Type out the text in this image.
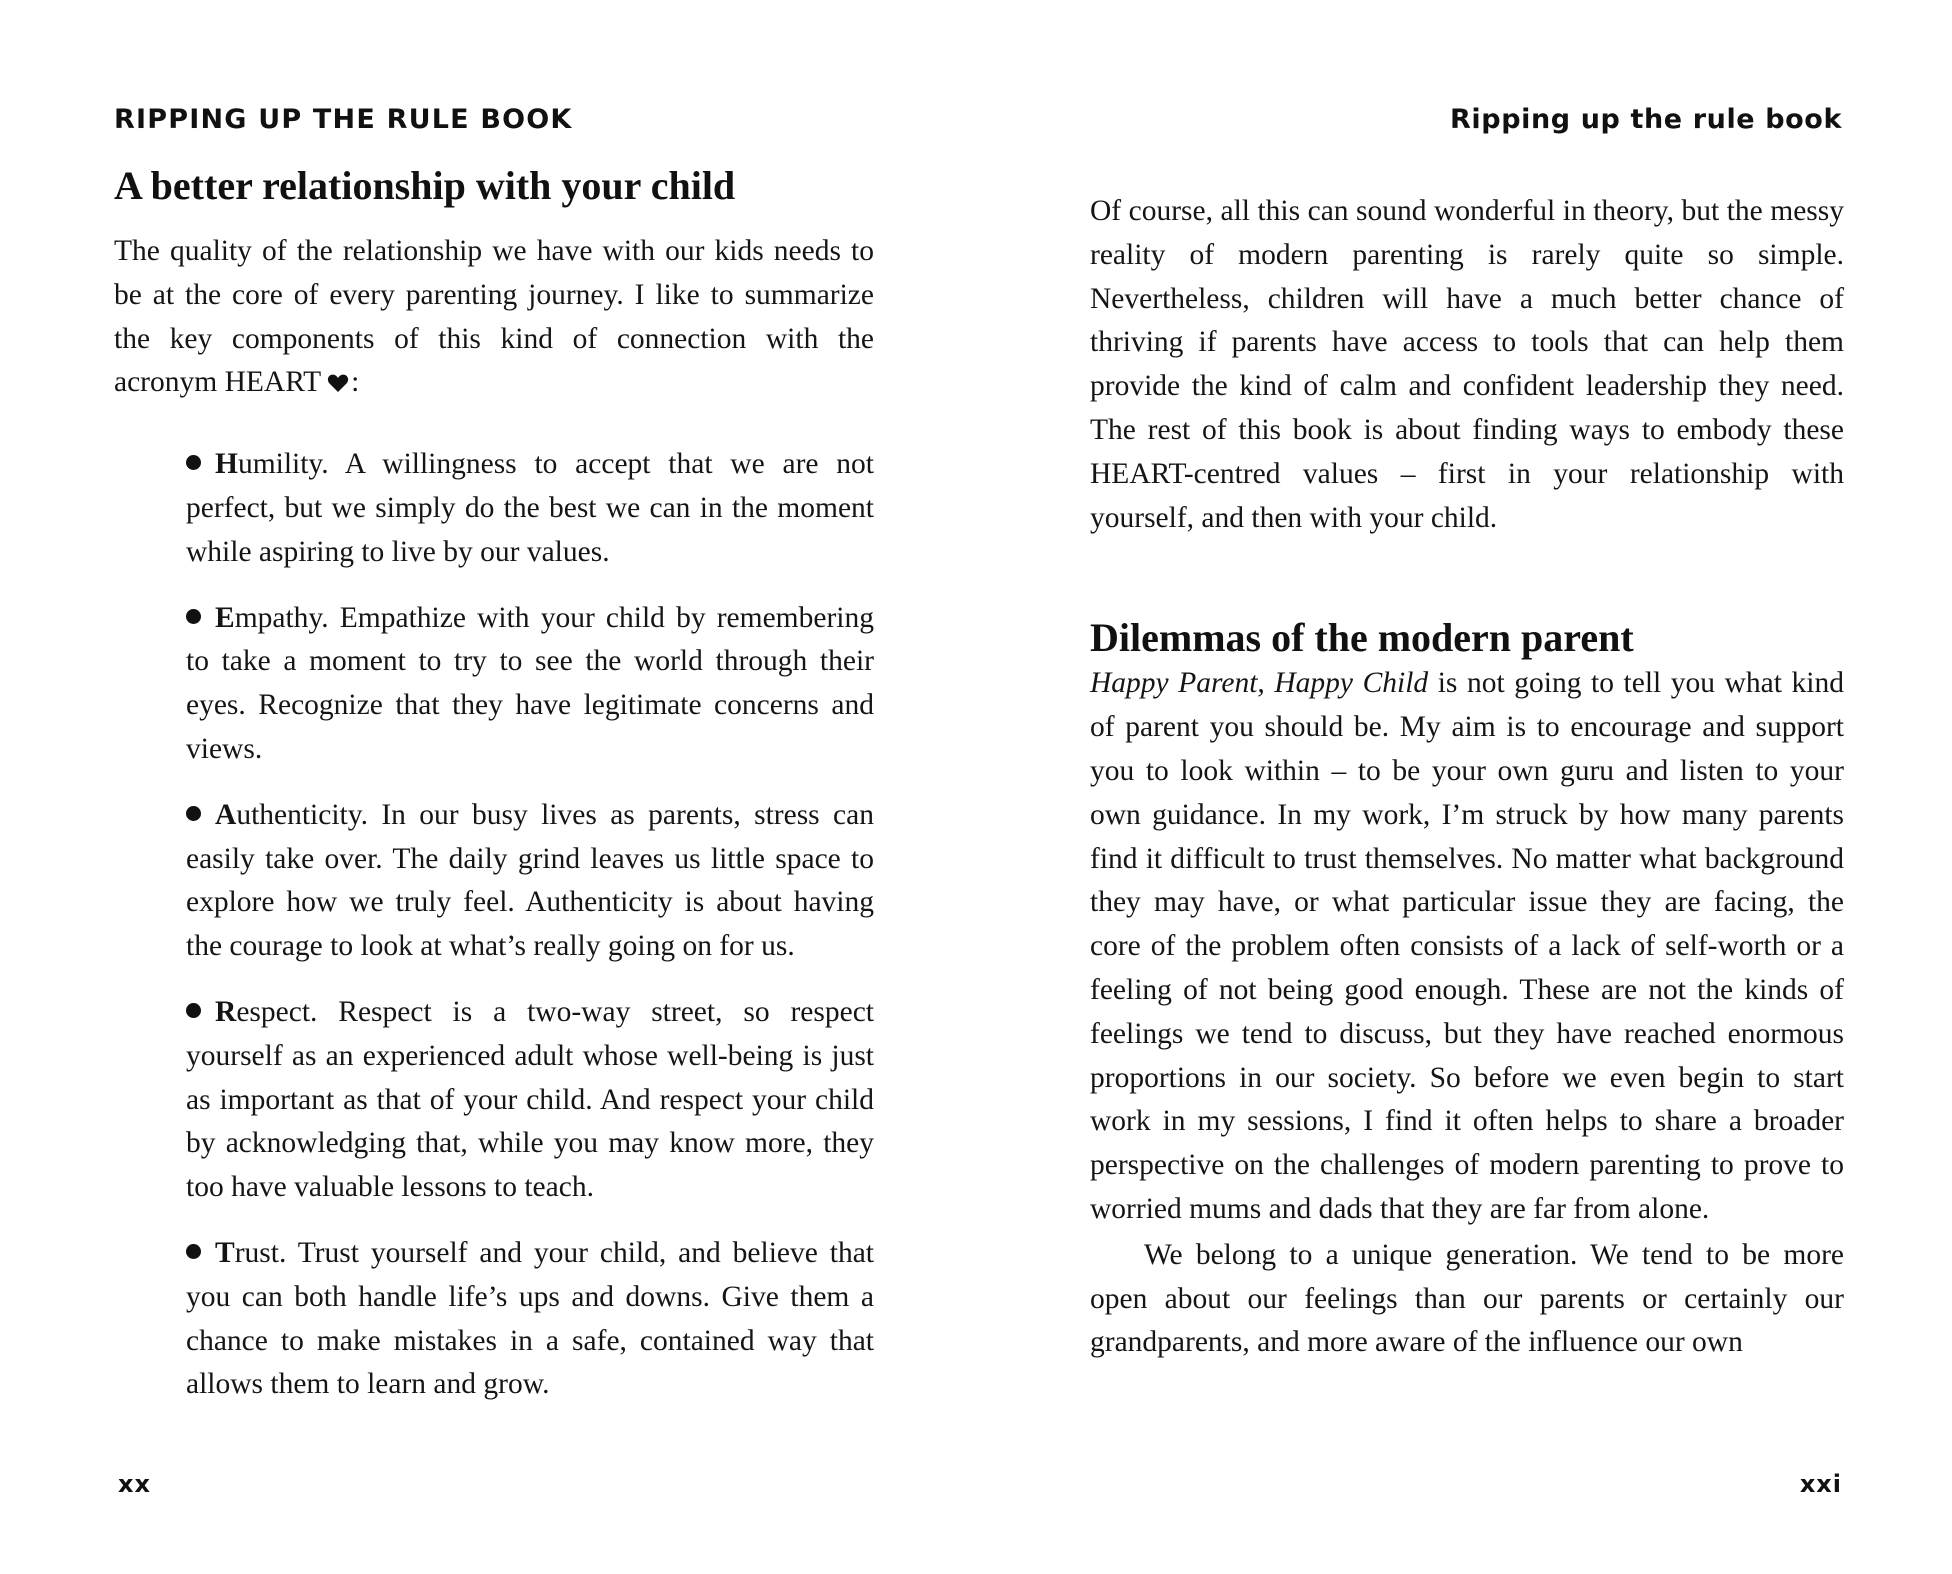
RIPPING UP THE RULE BOOK
A better relationship with your child

The quality of the relationship we have with our kids needs to be at the core of every parenting journey. I like to summarize the key components of this kind of connection with the acronym HEART :

Humility. A willingness to accept that we are not perfect, but we simply do the best we can in the moment while aspiring to live by our values.
Empathy. Empathize with your child by remembering to take a moment to try to see the world through their eyes. Recognize that they have legitimate concerns and views.
Authenticity. In our busy lives as parents, stress can easily take over. The daily grind leaves us little space to explore how we truly feel. Authenticity is about having the courage to look at what’s really going on for us.
Respect. Respect is a two-way street, so respect yourself as an experienced adult whose well-being is just as important as that of your child. And respect your child by acknowledging that, while you may know more, they too have valuable lessons to teach.
Trust. Trust yourself and your child, and believe that you can both handle life’s ups and downs. Give them a chance to make mistakes in a safe, contained way that allows them to learn and grow.
xx
Ripping up the rule book

Of course, all this can sound wonderful in theory, but the messy reality of modern parenting is rarely quite so simple. Nevertheless, children will have a much better chance of thriving if parents have access to tools that can help them provide the kind of calm and confident leadership they need. The rest of this book is about finding ways to embody these HEART-centred values – first in your relationship with yourself, and then with your child.

Dilemmas of the modern parent

Happy Parent, Happy Child is not going to tell you what kind of parent you should be. My aim is to encourage and support you to look within – to be your own guru and listen to your own guidance. In my work, I’m struck by how many parents find it difficult to trust themselves. No matter what background they may have, or what particular issue they are facing, the core of the problem often consists of a lack of self-worth or a feeling of not being good enough. These are not the kinds of feelings we tend to discuss, but they have reached enormous proportions in our society. So before we even begin to start work in my sessions, I find it often helps to share a broader perspective on the challenges of modern parenting to prove to worried mums and dads that they are far from alone.

We belong to a unique generation. We tend to be more open about our feelings than our parents or certainly our grandparents, and more aware of the influence our own

xxi
